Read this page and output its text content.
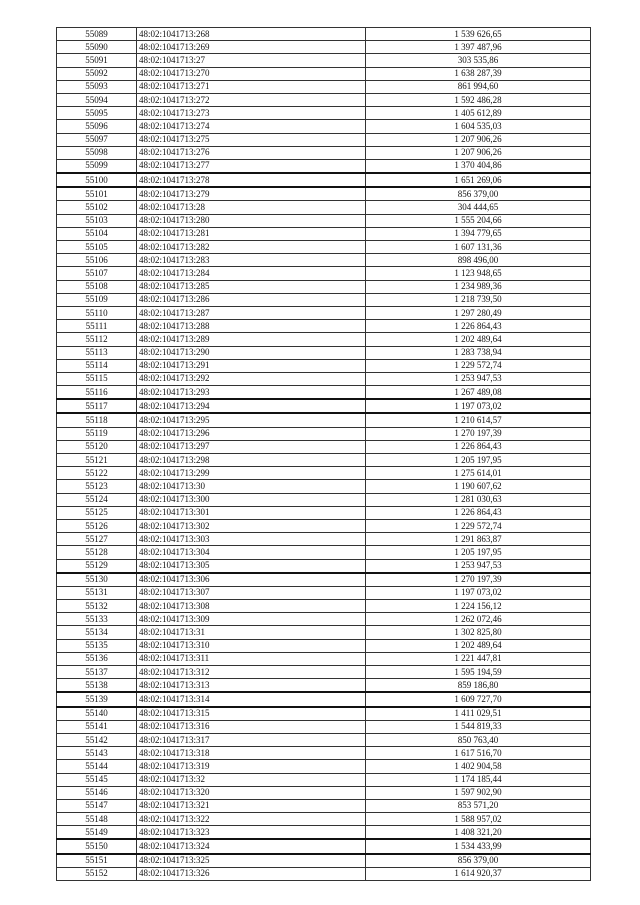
55089	48:02:1041713:268	1 539 626,65
55090	48:02:1041713:269	1 397 487,96
55091	48:02:1041713:27	303 535,86
55092	48:02:1041713:270	1 638 287,39
55093	48:02:1041713:271	861 994,60
55094	48:02:1041713:272	1 592 486,28
55095	48:02:1041713:273	1 405 612,89
55096	48:02:1041713:274	1 604 535,03
55097	48:02:1041713:275	1 207 906,26
55098	48:02:1041713:276	1 207 906,26
55099	48:02:1041713:277	1 370 404,86
55100	48:02:1041713:278	1 651 269,06
55101	48:02:1041713:279	856 379,00
55102	48:02:1041713:28	304 444,65
55103	48:02:1041713:280	1 555 204,66
55104	48:02:1041713:281	1 394 779,65
55105	48:02:1041713:282	1 607 131,36
55106	48:02:1041713:283	898 496,00
55107	48:02:1041713:284	1 123 948,65
55108	48:02:1041713:285	1 234 989,36
55109	48:02:1041713:286	1 218 739,50
55110	48:02:1041713:287	1 297 280,49
55111	48:02:1041713:288	1 226 864,43
55112	48:02:1041713:289	1 202 489,64
55113	48:02:1041713:290	1 283 738,94
55114	48:02:1041713:291	1 229 572,74
55115	48:02:1041713:292	1 253 947,53
55116	48:02:1041713:293	1 267 489,08
55117	48:02:1041713:294	1 197 073,02
55118	48:02:1041713:295	1 210 614,57
55119	48:02:1041713:296	1 270 197,39
55120	48:02:1041713:297	1 226 864,43
55121	48:02:1041713:298	1 205 197,95
55122	48:02:1041713:299	1 275 614,01
55123	48:02:1041713:30	1 190 607,62
55124	48:02:1041713:300	1 281 030,63
55125	48:02:1041713:301	1 226 864,43
55126	48:02:1041713:302	1 229 572,74
55127	48:02:1041713:303	1 291 863,87
55128	48:02:1041713:304	1 205 197,95
55129	48:02:1041713:305	1 253 947,53
55130	48:02:1041713:306	1 270 197,39
55131	48:02:1041713:307	1 197 073,02
55132	48:02:1041713:308	1 224 156,12
55133	48:02:1041713:309	1 262 072,46
55134	48:02:1041713:31	1 302 825,80
55135	48:02:1041713:310	1 202 489,64
55136	48:02:1041713:311	1 221 447,81
55137	48:02:1041713:312	1 595 194,59
55138	48:02:1041713:313	859 186,80
55139	48:02:1041713:314	1 609 727,70
55140	48:02:1041713:315	1 411 029,51
55141	48:02:1041713:316	1 544 819,33
55142	48:02:1041713:317	850 763,40
55143	48:02:1041713:318	1 617 516,70
55144	48:02:1041713:319	1 402 904,58
55145	48:02:1041713:32	1 174 185,44
55146	48:02:1041713:320	1 597 902,90
55147	48:02:1041713:321	853 571,20
55148	48:02:1041713:322	1 588 957,02
55149	48:02:1041713:323	1 408 321,20
55150	48:02:1041713:324	1 534 433,99
55151	48:02:1041713:325	856 379,00
55152	48:02:1041713:326	1 614 920,37
